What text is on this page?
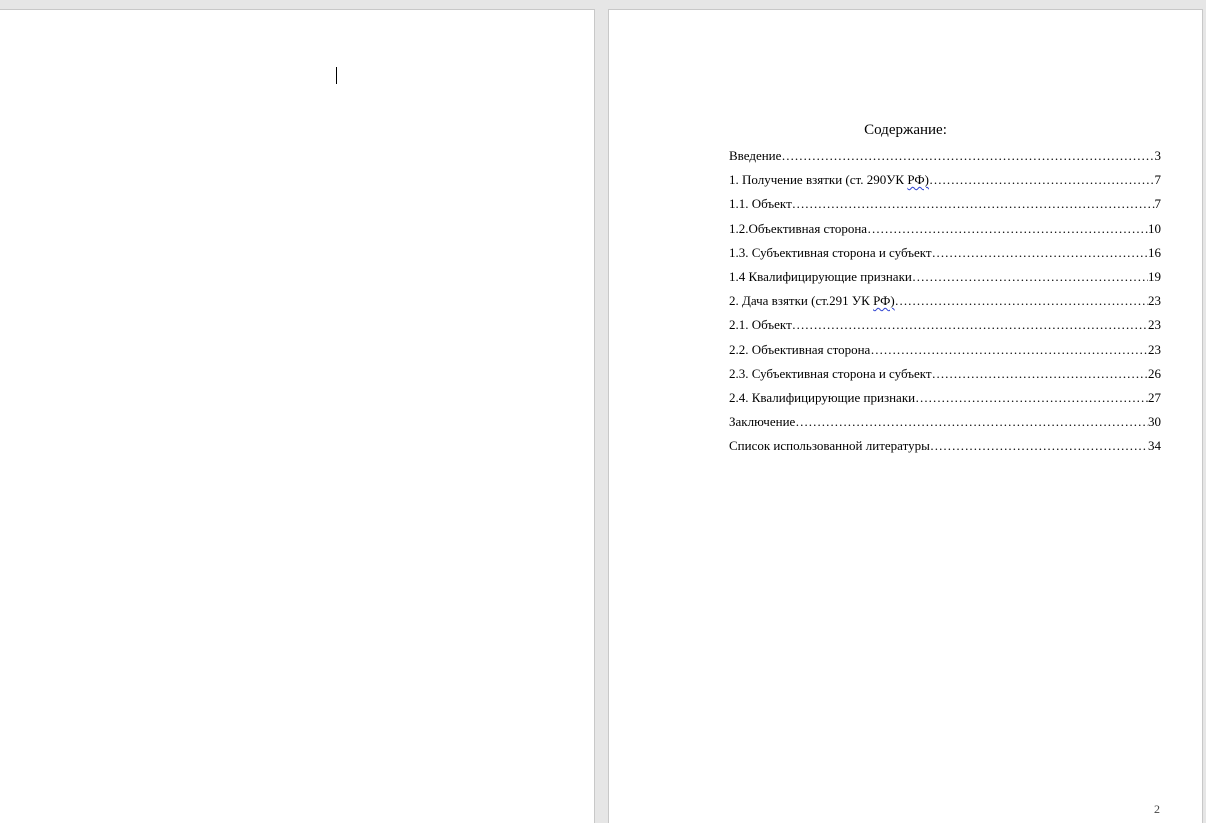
Содержание:
Введение ………………………………………………………………………………………………………………………………	3
1. Получение взятки (ст. 290УК РФ) ………………………………………………………………………………………………………………………………	7
1.1. Объект ………………………………………………………………………………………………………………………………	7
1.2.Объективная сторона ………………………………………………………………………………………………………………………………	10
1.3. Субъективная сторона и субъект ………………………………………………………………………………………………………………………………	16
1.4 Квалифицирующие признаки ………………………………………………………………………………………………………………………………	19
2. Дача взятки (ст.291 УК РФ) ………………………………………………………………………………………………………………………………	23
2.1. Объект ………………………………………………………………………………………………………………………………	23
2.2. Объективная сторона ………………………………………………………………………………………………………………………………	23
2.3. Субъективная сторона и субъект ………………………………………………………………………………………………………………………………	26
2.4. Квалифицирующие признаки ………………………………………………………………………………………………………………………………	27
Заключение ………………………………………………………………………………………………………………………………	30
Список использованной литературы ………………………………………………………………………………………………………………………………	34
2
